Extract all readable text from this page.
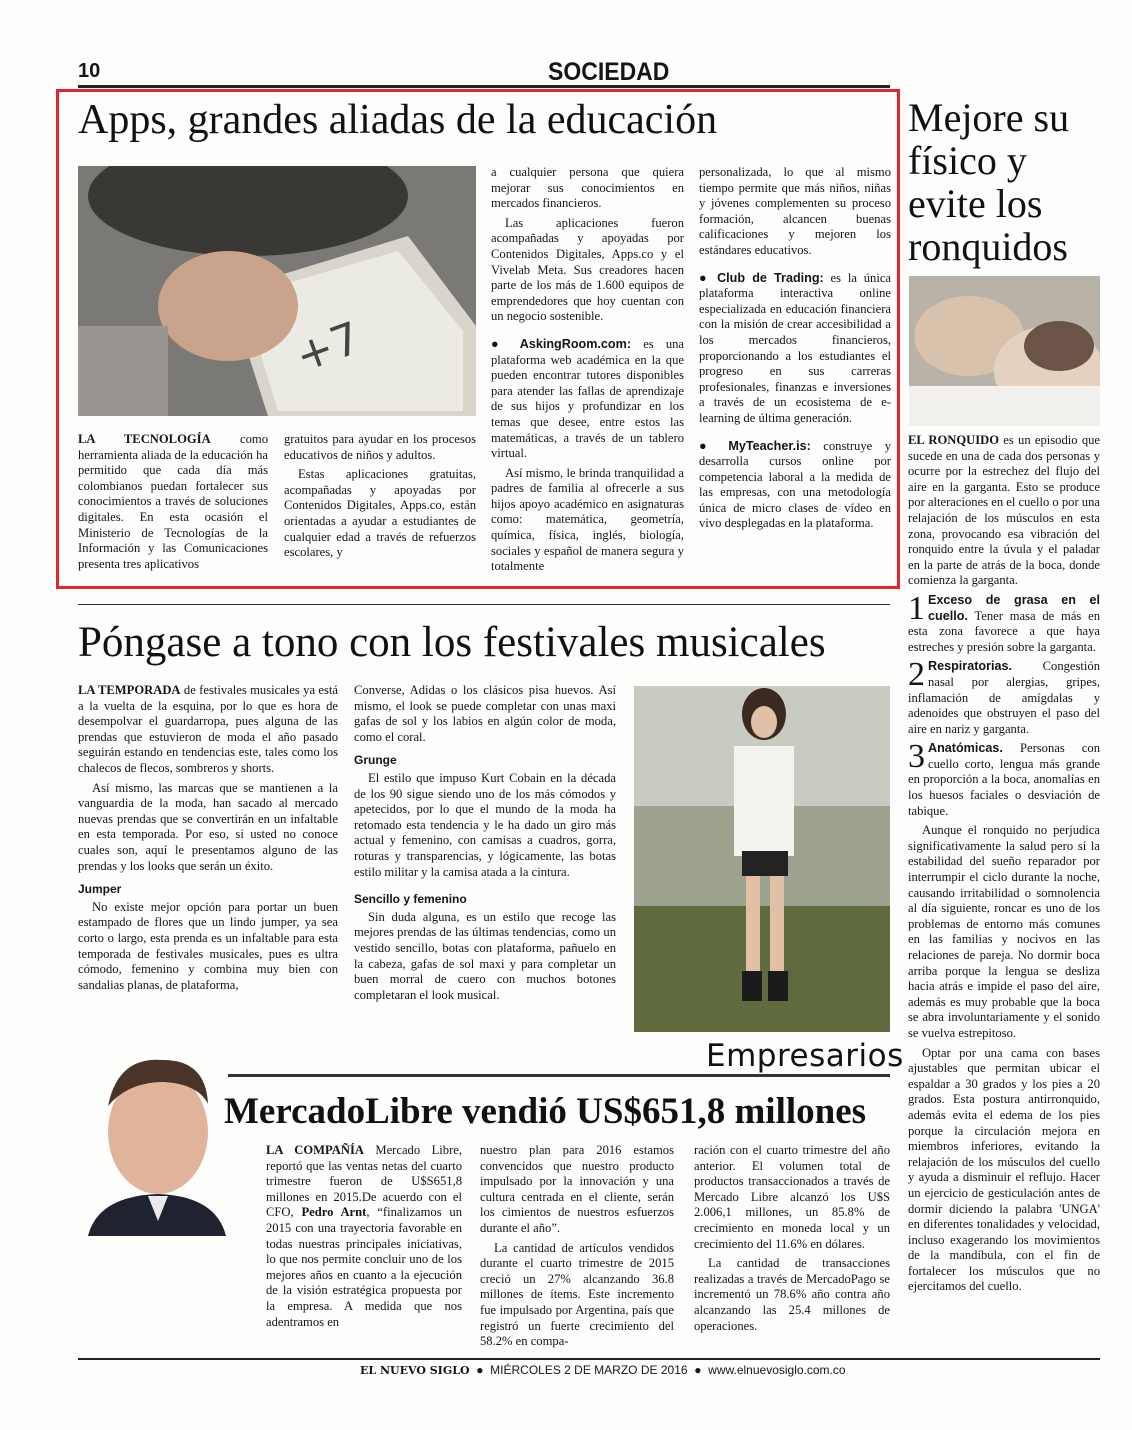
10	SOCIEDAD
Apps, grandes aliadas de la educación
+7

LA TECNOLOGÍA como herramienta aliada de la educación ha permitido que cada día más colombianos puedan fortalecer sus conocimientos a través de soluciones digitales. En esta ocasión el Ministerio de Tecnologías de la Información y las Comunicaciones presenta tres aplicativos

gratuitos para ayudar en los procesos educativos de niños y adultos.

Estas aplicaciones gratuitas, acompañadas y apoyadas por Contenidos Digitales, Apps.co, están orientadas a ayudar a estudiantes de cualquier edad a través de refuerzos escolares, y

a cualquier persona que quiera mejorar sus conocimientos en mercados financieros.

Las aplicaciones fueron acompañadas y apoyadas por Contenidos Digitales, Apps.co y el Vivelab Meta. Sus creadores hacen parte de los más de 1.600 equipos de emprendedores que hoy cuentan con un negocio sostenible.

● AskingRoom.com: es una plataforma web académica en la que pueden encontrar tutores disponibles para atender las fallas de aprendizaje de sus hijos y profundizar en los temas que desee, entre estos las matemáticas, a través de un tablero virtual.

Así mismo, le brinda tranquilidad a padres de familia al ofrecerle a sus hijos apoyo académico en asignaturas como: matemática, geometría, química, física, inglés, biología, sociales y español de manera segura y totalmente

personalizada, lo que al mismo tiempo permite que más niños, niñas y jóvenes complementen su proceso formación, alcancen buenas calificaciones y mejoren los estándares educativos.

● Club de Trading: es la única plataforma interactiva online especializada en educación financiera con la misión de crear accesibilidad a los mercados financieros, proporcionando a los estudiantes el progreso en sus carreras profesionales, finanzas e inversiones a través de un ecosistema de e-learning de última generación.

● MyTeacher.is: construye y desarrolla cursos online por competencia laboral a la medida de las empresas, con una metodología única de micro clases de vídeo en vivo desplegadas en la plataforma.

Mejore su físico y evite los ronquidos

EL RONQUIDO es un episodio que sucede en una de cada dos personas y ocurre por la estrechez del flujo del aire en la garganta. Esto se produce por alteraciones en el cuello o por una relajación de los músculos en esta zona, provocando esa vibración del ronquido entre la úvula y el paladar en la parte de atrás de la boca, donde comienza la garganta.

1 Exceso de grasa en el cuello. Tener masa de más en esta zona favorece a que haya estreches y presión sobre la garganta.
2 Respiratorias. Congestión nasal por alergias, gripes, inflamación de amígdalas y adenoides que obstruyen el paso del aire en nariz y garganta.
3 Anatómicas. Personas con cuello corto, lengua más grande en proporción a la boca, anomalías en los huesos faciales o desviación de tabique.

Aunque el ronquido no perjudica significativamente la salud pero sí la estabilidad del sueño reparador por interrumpir el ciclo durante la noche, causando irritabilidad o somnolencia al día siguiente, roncar es uno de los problemas de entorno más comunes en las familias y nocivos en las relaciones de pareja. No dormir boca arriba porque la lengua se desliza hacia atrás e impide el paso del aire, además es muy probable que la boca se abra involuntariamente y el sonido se vuelva estrepitoso.

Optar por una cama con bases ajustables que permitan ubicar el espaldar a 30 grados y los pies a 20 grados. Esta postura antirronquido, además evita el edema de los pies porque la circulación mejora en miembros inferiores, evitando la relajación de los músculos del cuello y ayuda a disminuir el reflujo. Hacer un ejercicio de gesticulación antes de dormir diciendo la palabra 'UNGA' en diferentes tonalidades y velocidad, incluso exagerando los movimientos de la mandíbula, con el fin de fortalecer los músculos que no ejercitamos del cuello.

Póngase a tono con los festivales musicales

LA TEMPORADA de festivales musicales ya está a la vuelta de la esquina, por lo que es hora de desempolvar el guardarropa, pues alguna de las prendas que estuvieron de moda el año pasado seguirán estando en tendencias este, tales como los chalecos de flecos, sombreros y shorts.

Así mismo, las marcas que se mantienen a la vanguardia de la moda, han sacado al mercado nuevas prendas que se convertirán en un infaltable en esta temporada. Por eso, si usted no conoce cuales son, aquí le presentamos alguno de las prendas y los looks que serán un éxito.

Jumper

No existe mejor opción para portar un buen estampado de flores que un lindo jumper, ya sea corto o largo, esta prenda es un infaltable para esta temporada de festivales musicales, pues es ultra cómodo, femenino y combina muy bien con sandalias planas, de plataforma,

Converse, Adidas o los clásicos pisa huevos. Así mismo, el look se puede completar con unas maxi gafas de sol y los labios en algún color de moda, como el coral.

Grunge

El estilo que impuso Kurt Cobain en la década de los 90 sigue siendo uno de los más cómodos y apetecidos, por lo que el mundo de la moda ha retomado esta tendencia y le ha dado un giro más actual y femenino, con camisas a cuadros, gorra, roturas y transparencias, y lógicamente, las botas estilo militar y la camisa atada a la cintura.

Sencillo y femenino

Sin duda alguna, es un estilo que recoge las mejores prendas de las últimas tendencias, como un vestido sencillo, botas con plataforma, pañuelo en la cabeza, gafas de sol maxi y para completar un buen morral de cuero con muchos botones completaran el look musical.

Empresarios
MercadoLibre vendió US$651,8 millones

LA COMPAÑÍA Mercado Libre, reportó que las ventas netas del cuarto trimestre fueron de U$S651,8 millones en 2015.De acuerdo con el CFO, Pedro Arnt, “finalizamos un 2015 con una trayectoria favorable en todas nuestras principales iniciativas, lo que nos permite concluir uno de los mejores años en cuanto a la ejecución de la visión estratégica propuesta por la empresa. A medida que nos adentramos en

nuestro plan para 2016 estamos convencidos que nuestro producto impulsado por la innovación y una cultura centrada en el cliente, serán los cimientos de nuestros esfuerzos durante el año”.

La cantidad de artículos vendidos durante el cuarto trimestre de 2015 creció un 27% alcanzando 36.8 millones de ítems. Este incremento fue impulsado por Argentina, país que registró un fuerte crecimiento del 58.2% en compa-

ración con el cuarto trimestre del año anterior. El volumen total de productos transaccionados a través de Mercado Libre alcanzó los U$S 2.006,1 millones, un 85.8% de crecimiento en moneda local y un crecimiento del 11.6% en dólares.

La cantidad de transacciones realizadas a través de MercadoPago se incrementó un 78.6% año contra año alcanzando las 25.4 millones de operaciones.

EL NUEVO SIGLO  ●  MIÉRCOLES 2 DE MARZO DE 2016  ●  www.elnuevosiglo.com.co
